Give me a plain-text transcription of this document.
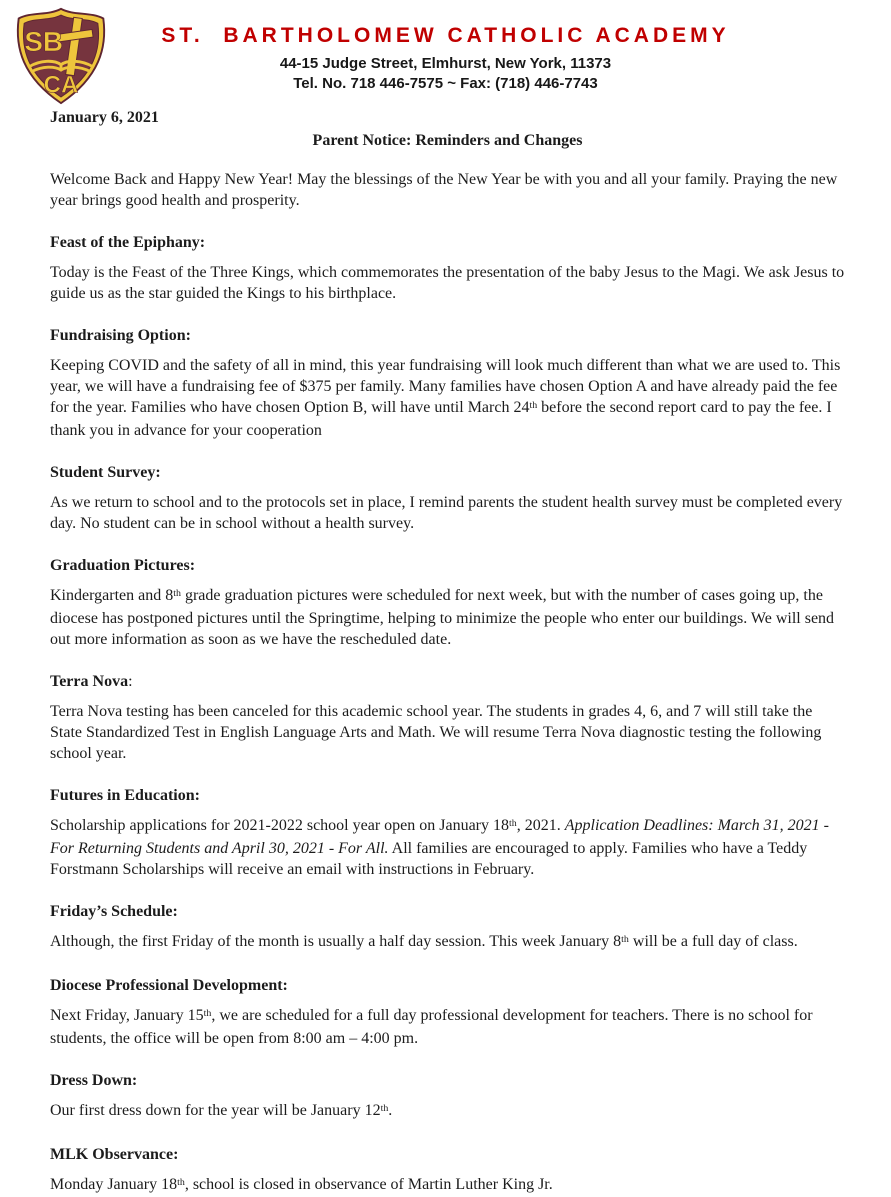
SB
CA
ST.  BARTHOLOMEW CATHOLIC ACADEMY
44-15 Judge Street, Elmhurst, New York, 11373
Tel. No. 718 446-7575 ~ Fax: (718) 446-7743
January 6, 2021
Parent Notice: Reminders and Changes

Welcome Back and Happy New Year! May the blessings of the New Year be with you and all your family. Praying the new year brings good health and prosperity.

Feast of the Epiphany:

Today is the Feast of the Three Kings, which commemorates the presentation of the baby Jesus to the Magi. We ask Jesus to guide us as the star guided the Kings to his birthplace.

Fundraising Option:

Keeping COVID and the safety of all in mind, this year fundraising will look much different than what we are used to. This year, we will have a fundraising fee of $375 per family. Many families have chosen Option A and have already paid the fee for the year. Families who have chosen Option B, will have until March 24th before the second report card to pay the fee. I thank you in advance for your cooperation

Student Survey:

As we return to school and to the protocols set in place, I remind parents the student health survey must be completed every day. No student can be in school without a health survey.

Graduation Pictures:

Kindergarten and 8th grade graduation pictures were scheduled for next week, but with the number of cases going up, the diocese has postponed pictures until the Springtime, helping to minimize the people who enter our buildings. We will send out more information as soon as we have the rescheduled date.

Terra Nova:

Terra Nova testing has been canceled for this academic school year. The students in grades 4, 6, and 7 will still take the State Standardized Test in English Language Arts and Math. We will resume Terra Nova diagnostic testing the following school year.

Futures in Education:

Scholarship applications for 2021-2022 school year open on January 18th, 2021. Application Deadlines: March 31, 2021 - For Returning Students and April 30, 2021 - For All. All families are encouraged to apply. Families who have a Teddy Forstmann Scholarships will receive an email with instructions in February.

Friday’s Schedule:

Although, the first Friday of the month is usually a half day session. This week January 8th will be a full day of class.

Diocese Professional Development:

Next Friday, January 15th, we are scheduled for a full day professional development for teachers. There is no school for students, the office will be open from 8:00 am – 4:00 pm.

Dress Down:

Our first dress down for the year will be January 12th.

MLK Observance:

Monday January 18th, school is closed in observance of Martin Luther King Jr.
